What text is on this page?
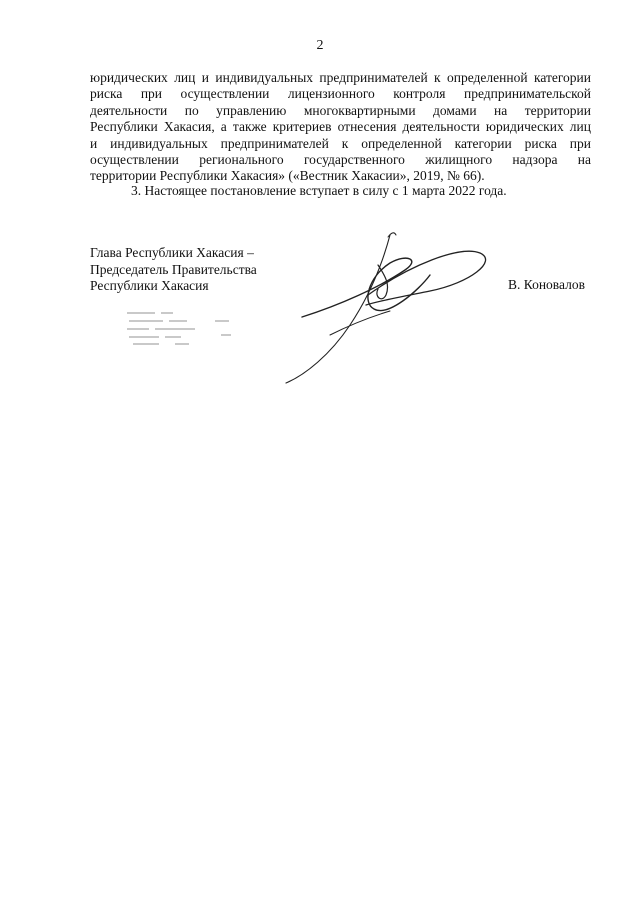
2
юридических лиц и индивидуальных предпринимателей к определенной категории
риска при осуществлении лицензионного контроля предпринимательской
деятельности по управлению многоквартирными домами на территории
Республики Хакасия, а также критериев отнесения деятельности юридических лиц
и индивидуальных предпринимателей к определенной категории риска при
осуществлении регионального государственного жилищного надзора на
территории Республики Хакасия» («Вестник Хакасии», 2019, № 66).
3. Настоящее постановление вступает в силу с 1 марта 2022 года.
Глава Республики Хакасия –
Председатель Правительства
Республики Хакасия	В. Коновалов
